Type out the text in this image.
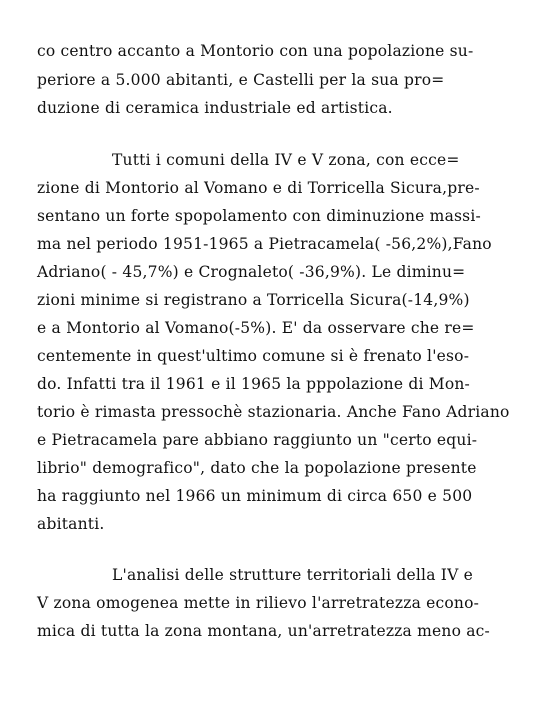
co centro accanto a Montorio con una popolazione su-
periore a 5.000 abitanti, e Castelli per la sua pro=
duzione di ceramica industriale ed artistica.
Tutti i comuni della IV e V zona, con ecce=
zione di Montorio al Vomano e di Torricella Sicura,pre-
sentano un forte spopolamento con diminuzione massi-
ma nel periodo 1951-1965 a Pietracamela( -56,2%),Fano
Adriano( - 45,7%) e Crognaleto( -36,9%). Le diminu=
zioni minime si registrano a Torricella Sicura(-14,9%)
e a Montorio al Vomano(-5%). E' da osservare che re=
centemente in quest'ultimo comune si è frenato l'eso-
do. Infatti tra il 1961 e il 1965 la pppolazione di Mon-
torio è rimasta pressochè stazionaria. Anche Fano Adriano
e Pietracamela pare abbiano raggiunto un "certo equi-
librio" demografico", dato che la popolazione presente
ha raggiunto nel 1966 un minimum di circa 650 e 500
abitanti.
L'analisi delle strutture territoriali della IV e
V zona omogenea mette in rilievo l'arretratezza econo-
mica di tutta la zona montana, un'arretratezza meno ac-
